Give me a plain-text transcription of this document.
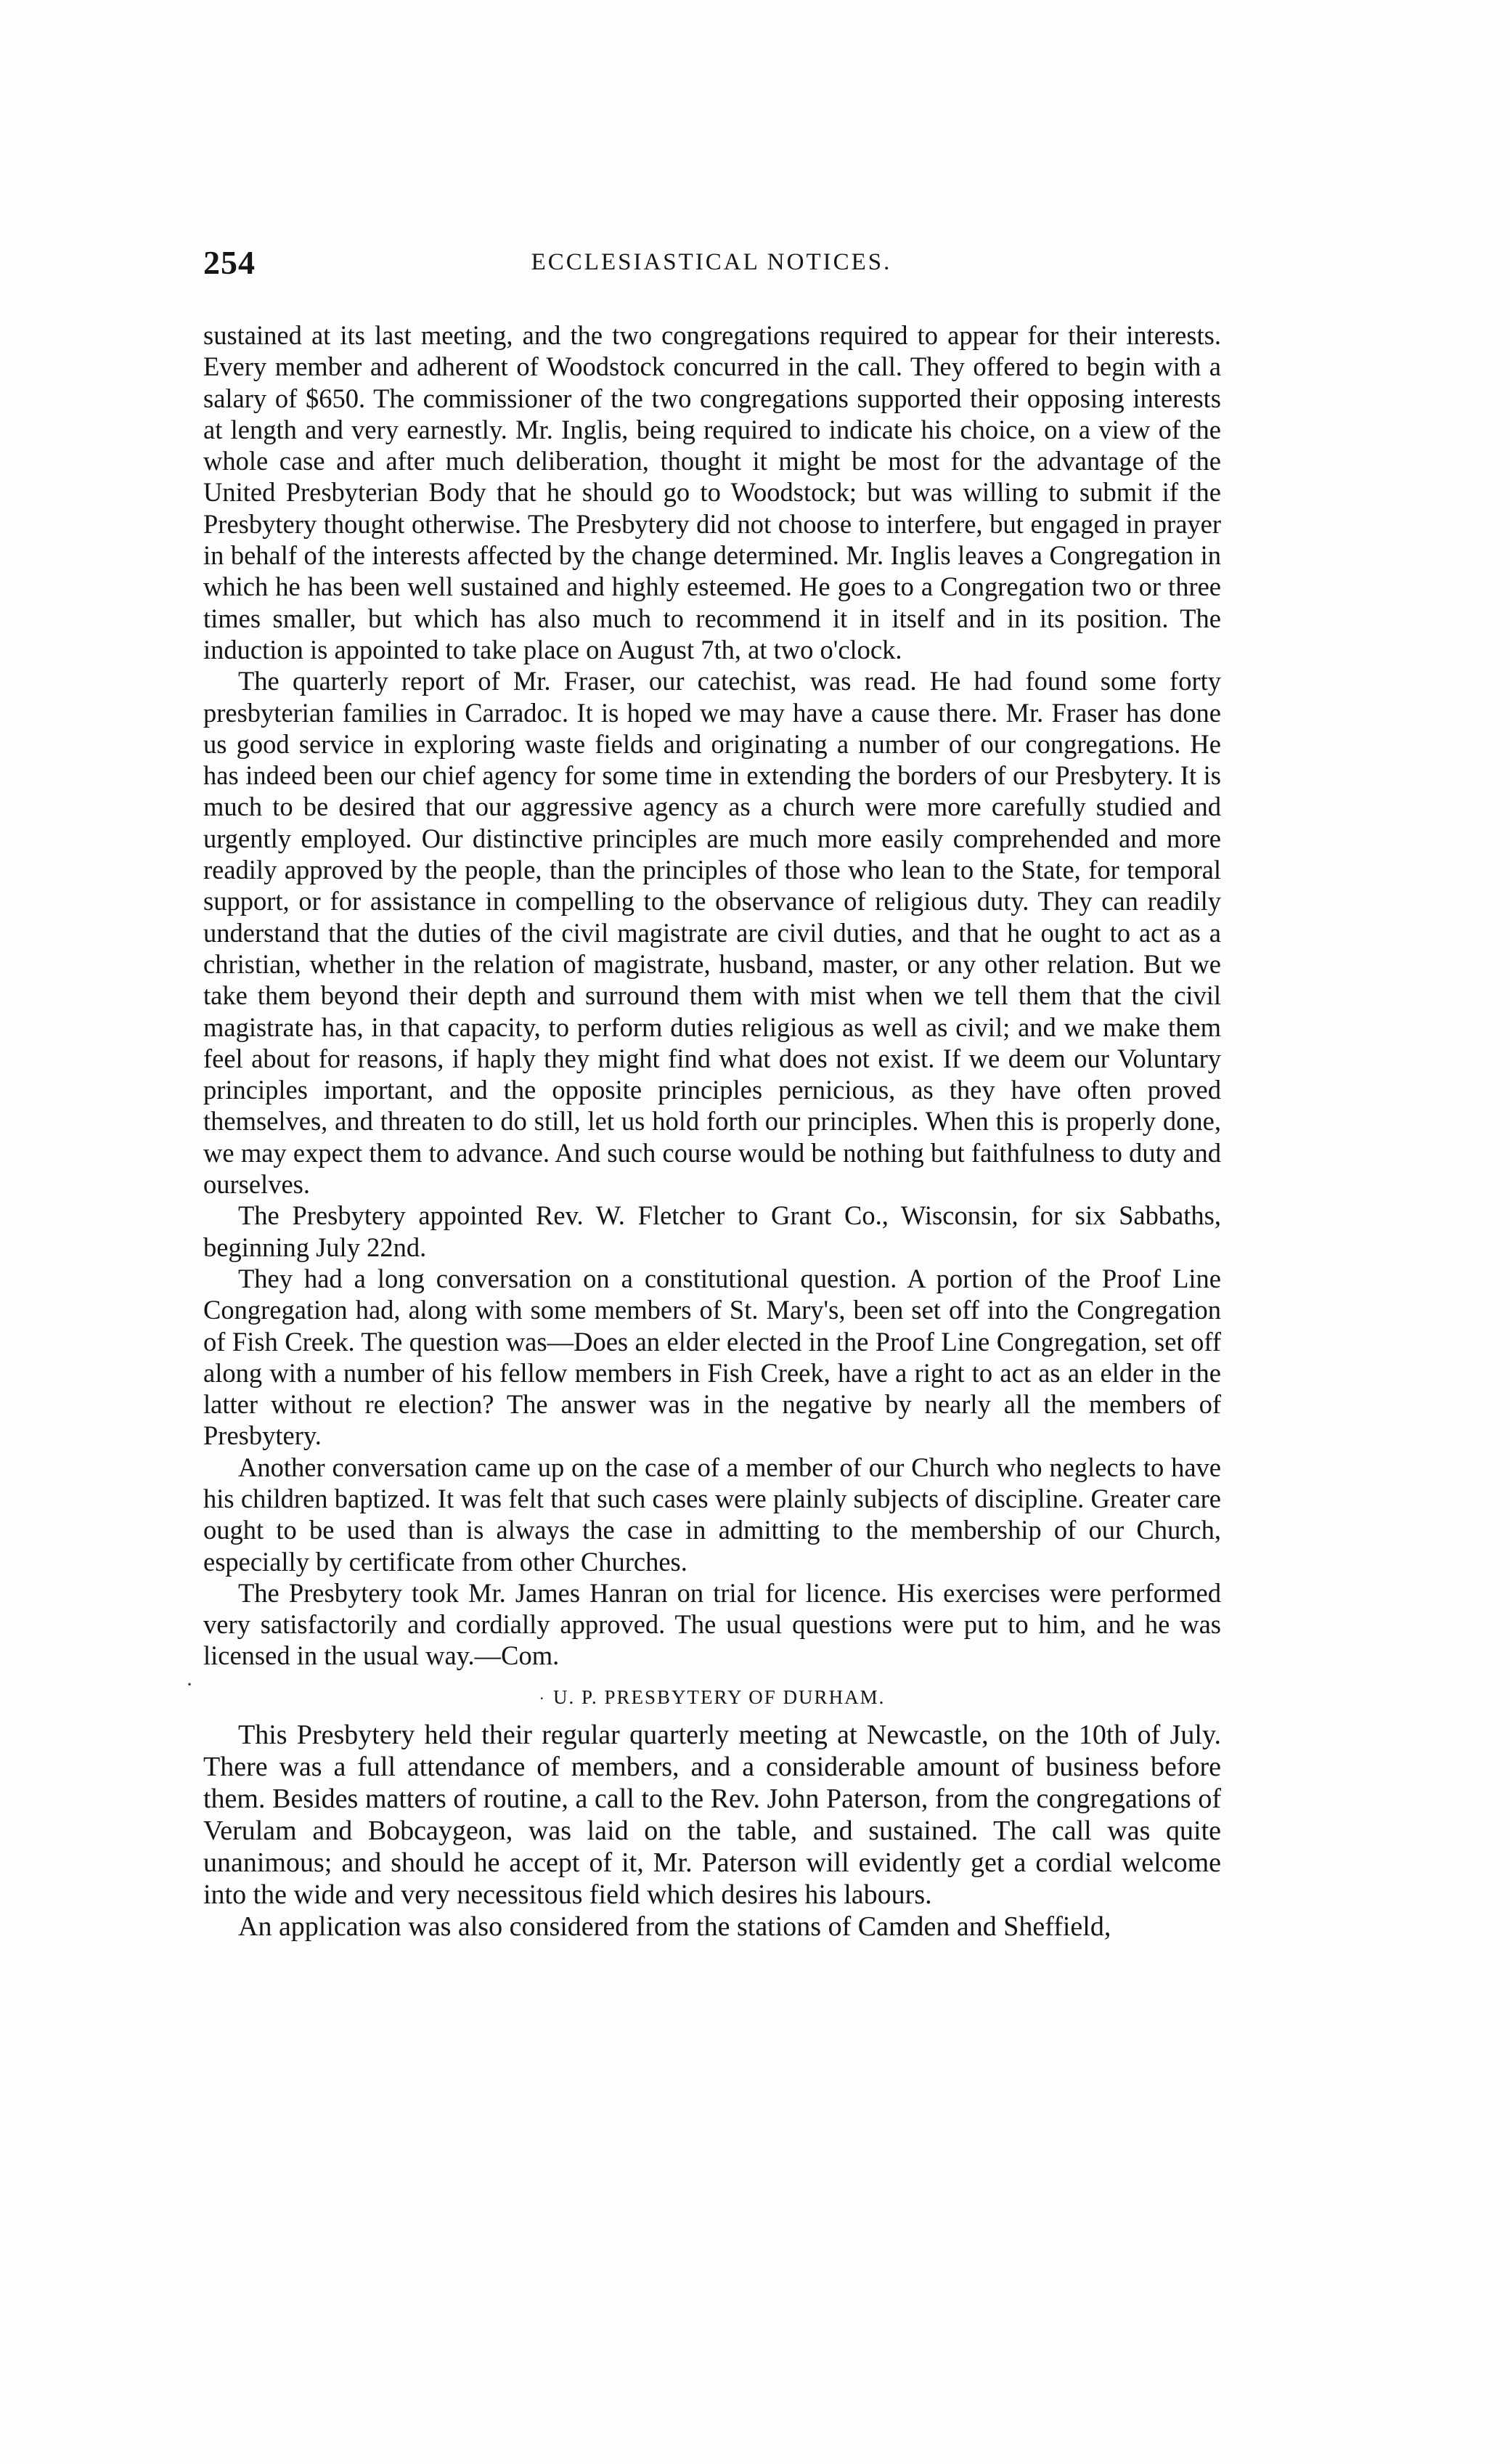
254	ECCLESIASTICAL NOTICES.
·

sustained at its last meeting, and the two congregations required to appear for their interests. Every member and adherent of Woodstock concurred in the call. They offered to begin with a salary of $650. The commissioner of the two congregations supported their opposing interests at length and very earnestly. Mr. Inglis, being required to indicate his choice, on a view of the whole case and after much deliberation, thought it might be most for the advantage of the United Presbyterian Body that he should go to Woodstock; but was willing to submit if the Presbytery thought otherwise. The Presbytery did not choose to interfere, but engaged in prayer in behalf of the interests affected by the change determined. Mr. Inglis leaves a Congregation in which he has been well sustained and highly esteemed. He goes to a Congregation two or three times smaller, but which has also much to recommend it in itself and in its position. The induction is appointed to take place on August 7th, at two o'clock.

The quarterly report of Mr. Fraser, our catechist, was read. He had found some forty presbyterian families in Carradoc. It is hoped we may have a cause there. Mr. Fraser has done us good service in exploring waste fields and originating a number of our congregations. He has indeed been our chief agency for some time in extending the borders of our Presbytery. It is much to be desired that our aggressive agency as a church were more carefully studied and urgently employed. Our distinctive principles are much more easily comprehended and more readily approved by the people, than the principles of those who lean to the State, for temporal support, or for assistance in compelling to the observance of religious duty. They can readily understand that the duties of the civil magistrate are civil duties, and that he ought to act as a christian, whether in the relation of magistrate, husband, master, or any other relation. But we take them beyond their depth and surround them with mist when we tell them that the civil magistrate has, in that capacity, to perform duties religious as well as civil; and we make them feel about for reasons, if haply they might find what does not exist. If we deem our Voluntary principles important, and the opposite principles pernicious, as they have often proved themselves, and threaten to do still, let us hold forth our principles. When this is properly done, we may expect them to advance. And such course would be nothing but faithfulness to duty and ourselves.

The Presbytery appointed Rev. W. Fletcher to Grant Co., Wisconsin, for six Sabbaths, beginning July 22nd.

They had a long conversation on a constitutional question. A portion of the Proof Line Congregation had, along with some members of St. Mary's, been set off into the Congregation of Fish Creek. The question was—Does an elder elected in the Proof Line Congregation, set off along with a number of his fellow members in Fish Creek, have a right to act as an elder in the latter without re election? The answer was in the negative by nearly all the members of Presbytery.

Another conversation came up on the case of a member of our Church who neglects to have his children baptized. It was felt that such cases were plainly subjects of discipline. Greater care ought to be used than is always the case in admitting to the membership of our Church, especially by certificate from other Churches.

The Presbytery took Mr. James Hanran on trial for licence. His exercises were performed very satisfactorily and cordially approved. The usual questions were put to him, and he was licensed in the usual way.—Com.

· U. P. PRESBYTERY OF DURHAM.

This Presbytery held their regular quarterly meeting at Newcastle, on the 10th of July. There was a full attendance of members, and a considerable amount of business before them. Besides matters of routine, a call to the Rev. John Paterson, from the congregations of Verulam and Bobcaygeon, was laid on the table, and sustained. The call was quite unanimous; and should he accept of it, Mr. Paterson will evidently get a cordial welcome into the wide and very necessitous field which desires his labours.

An application was also considered from the stations of Camden and Sheffield,
